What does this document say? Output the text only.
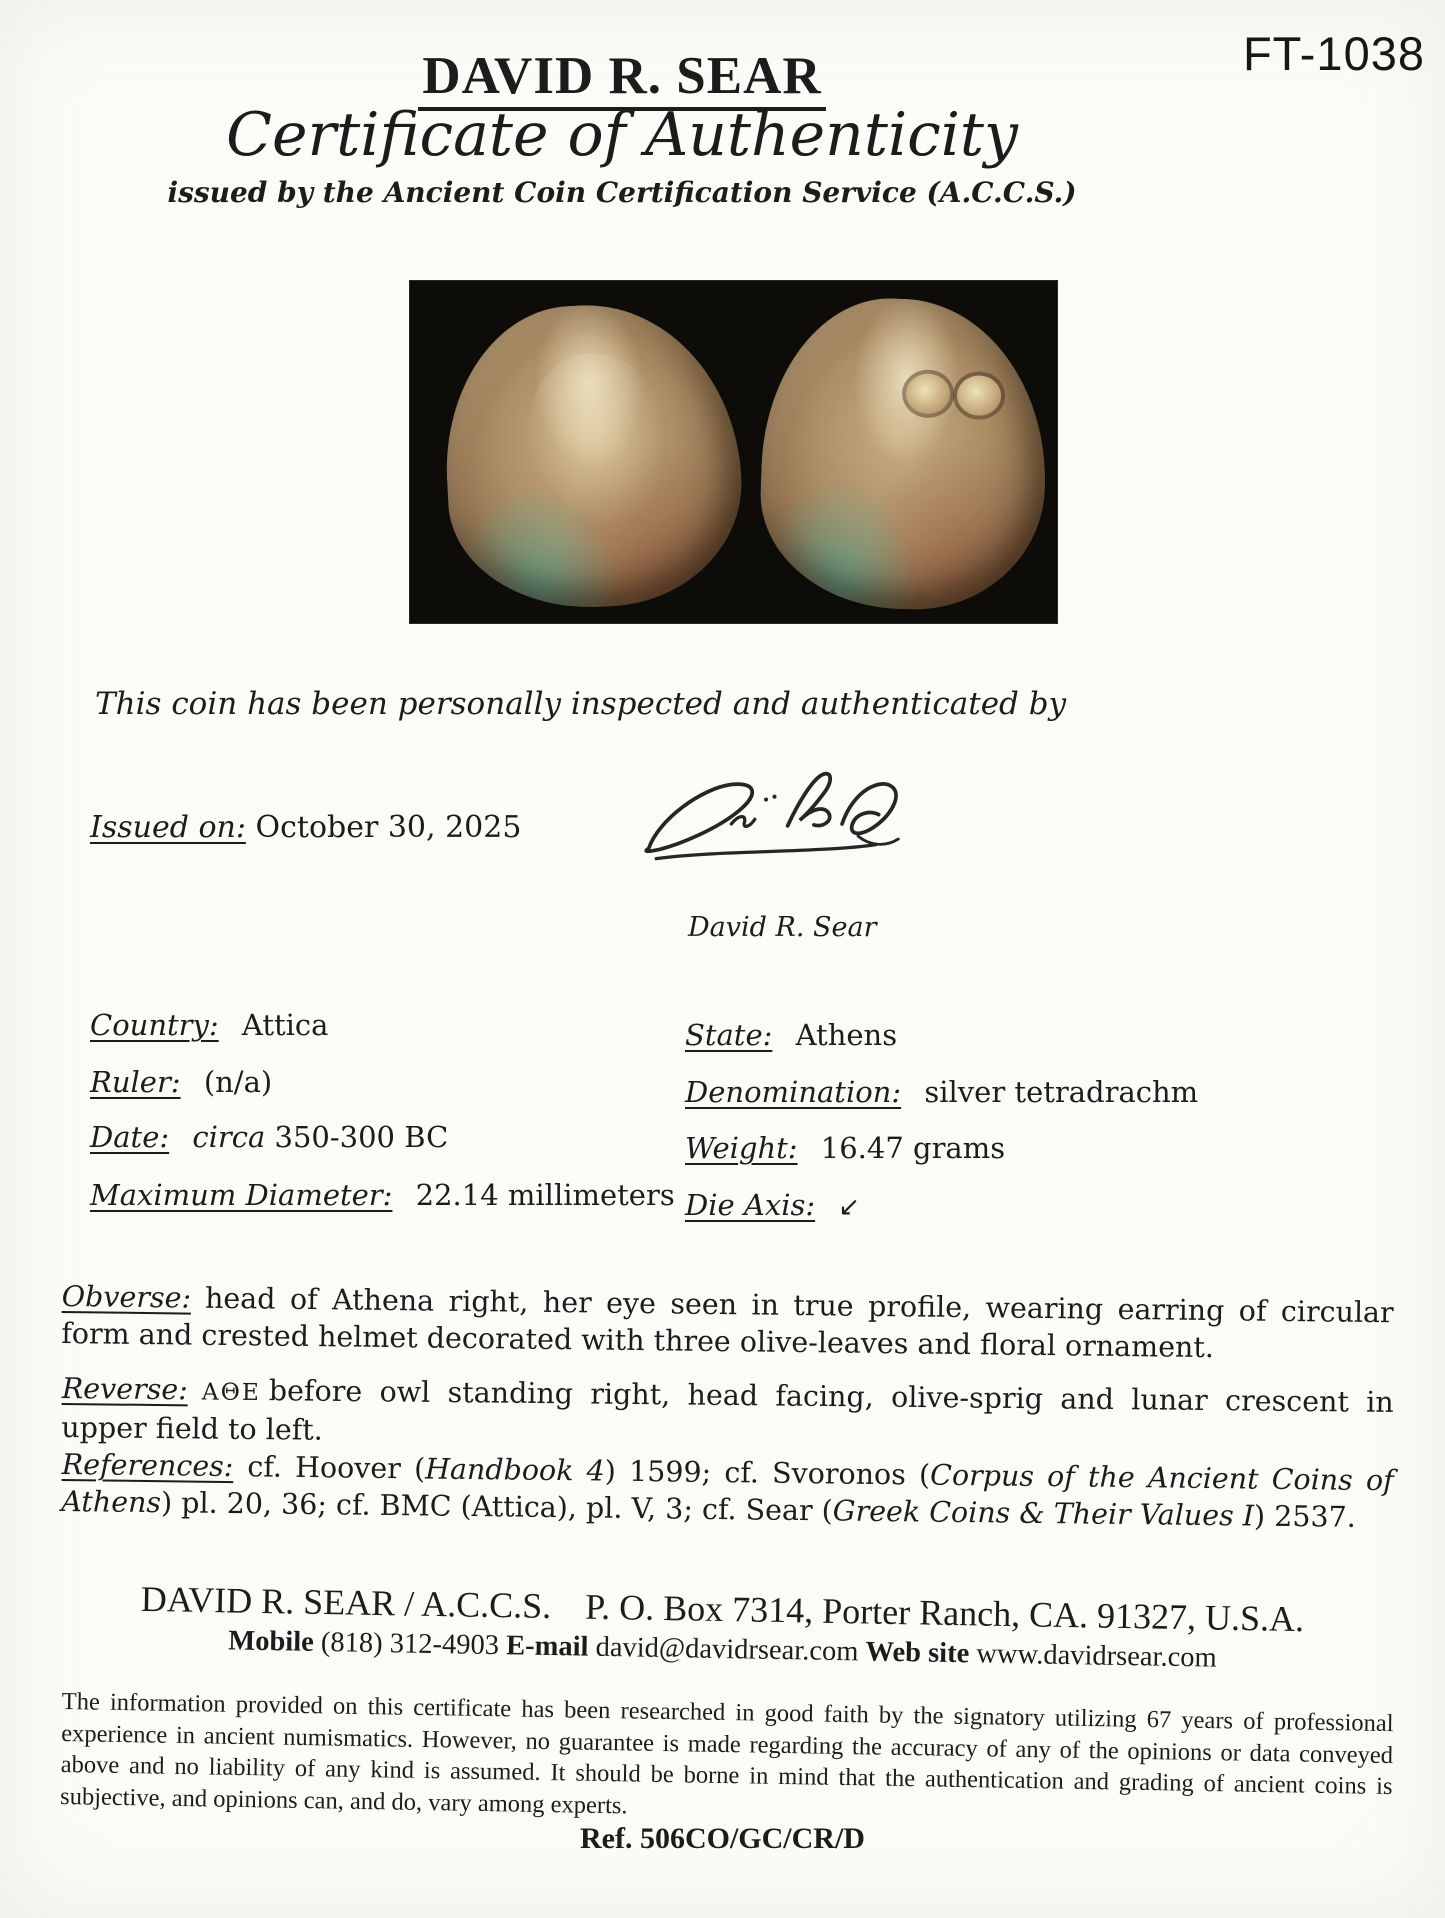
FT-1038
DAVID R. SEAR
Certificate of Authenticity
issued by the Ancient Coin Certification Service (A.C.C.S.)
This coin has been personally inspected and authenticated by
Issued on: October 30, 2025
David R. Sear
Country: Attica
Ruler: (n/a)
Date: circa 350-300 BC
Maximum Diameter: 22.14 millimeters
State: Athens
Denomination: silver tetradrachm
Weight: 16.47 grams
Die Axis: ↙

Obverse: head of Athena right, her eye seen in true profile, wearing earring of circular form and crested helmet decorated with three olive-leaves and floral ornament.

Reverse: ΑΘΕ before owl standing right, head facing, olive-sprig and lunar crescent in upper field to left.

References: cf. Hoover (Handbook 4) 1599; cf. Svoronos (Corpus of the Ancient Coins of Athens) pl. 20, 36; cf. BMC (Attica), pl. V, 3; cf. Sear (Greek Coins & Their Values I) 2537.

DAVID R. SEAR / A.C.C.S. P. O. Box 7314, Porter Ranch, CA. 91327, U.S.A.
Mobile (818) 312-4903 E-mail david@davidrsear.com Web site www.davidrsear.com

The information provided on this certificate has been researched in good faith by the signatory utilizing 67 years of professional experience in ancient numismatics. However, no guarantee is made regarding the accuracy of any of the opinions or data conveyed above and no liability of any kind is assumed. It should be borne in mind that the authentication and grading of ancient coins is subjective, and opinions can, and do, vary among experts.

Ref. 506CO/GC/CR/D
